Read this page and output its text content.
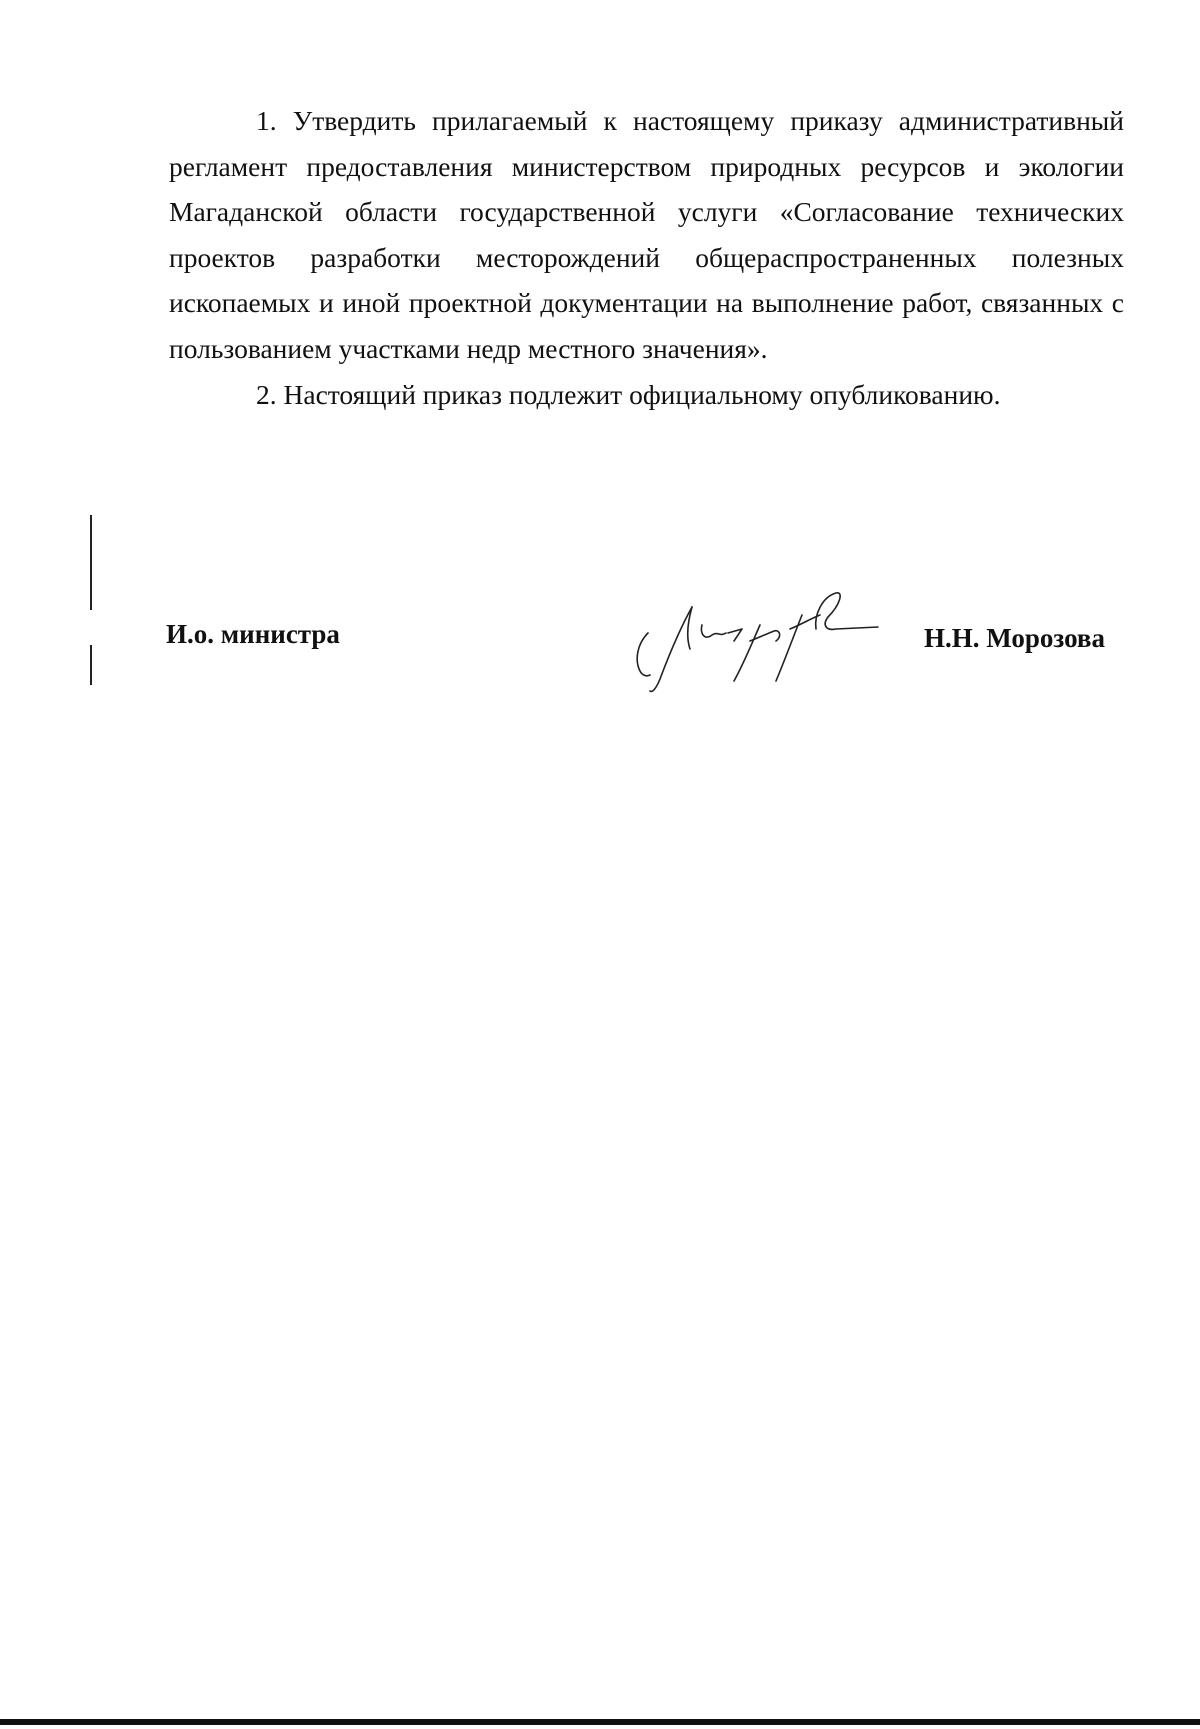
1. Утвердить прилагаемый к настоящему приказу административный регламент предоставления министерством природных ресурсов и экологии Магаданской области государственной услуги «Согласование технических проектов разработки месторождений общераспространенных полезных ископаемых и иной проектной документации на выполнение работ, связанных с пользованием участками недр местного значения».

2. Настоящий приказ подлежит официальному опубликованию.

И.о. министра	Н.Н. Морозова
